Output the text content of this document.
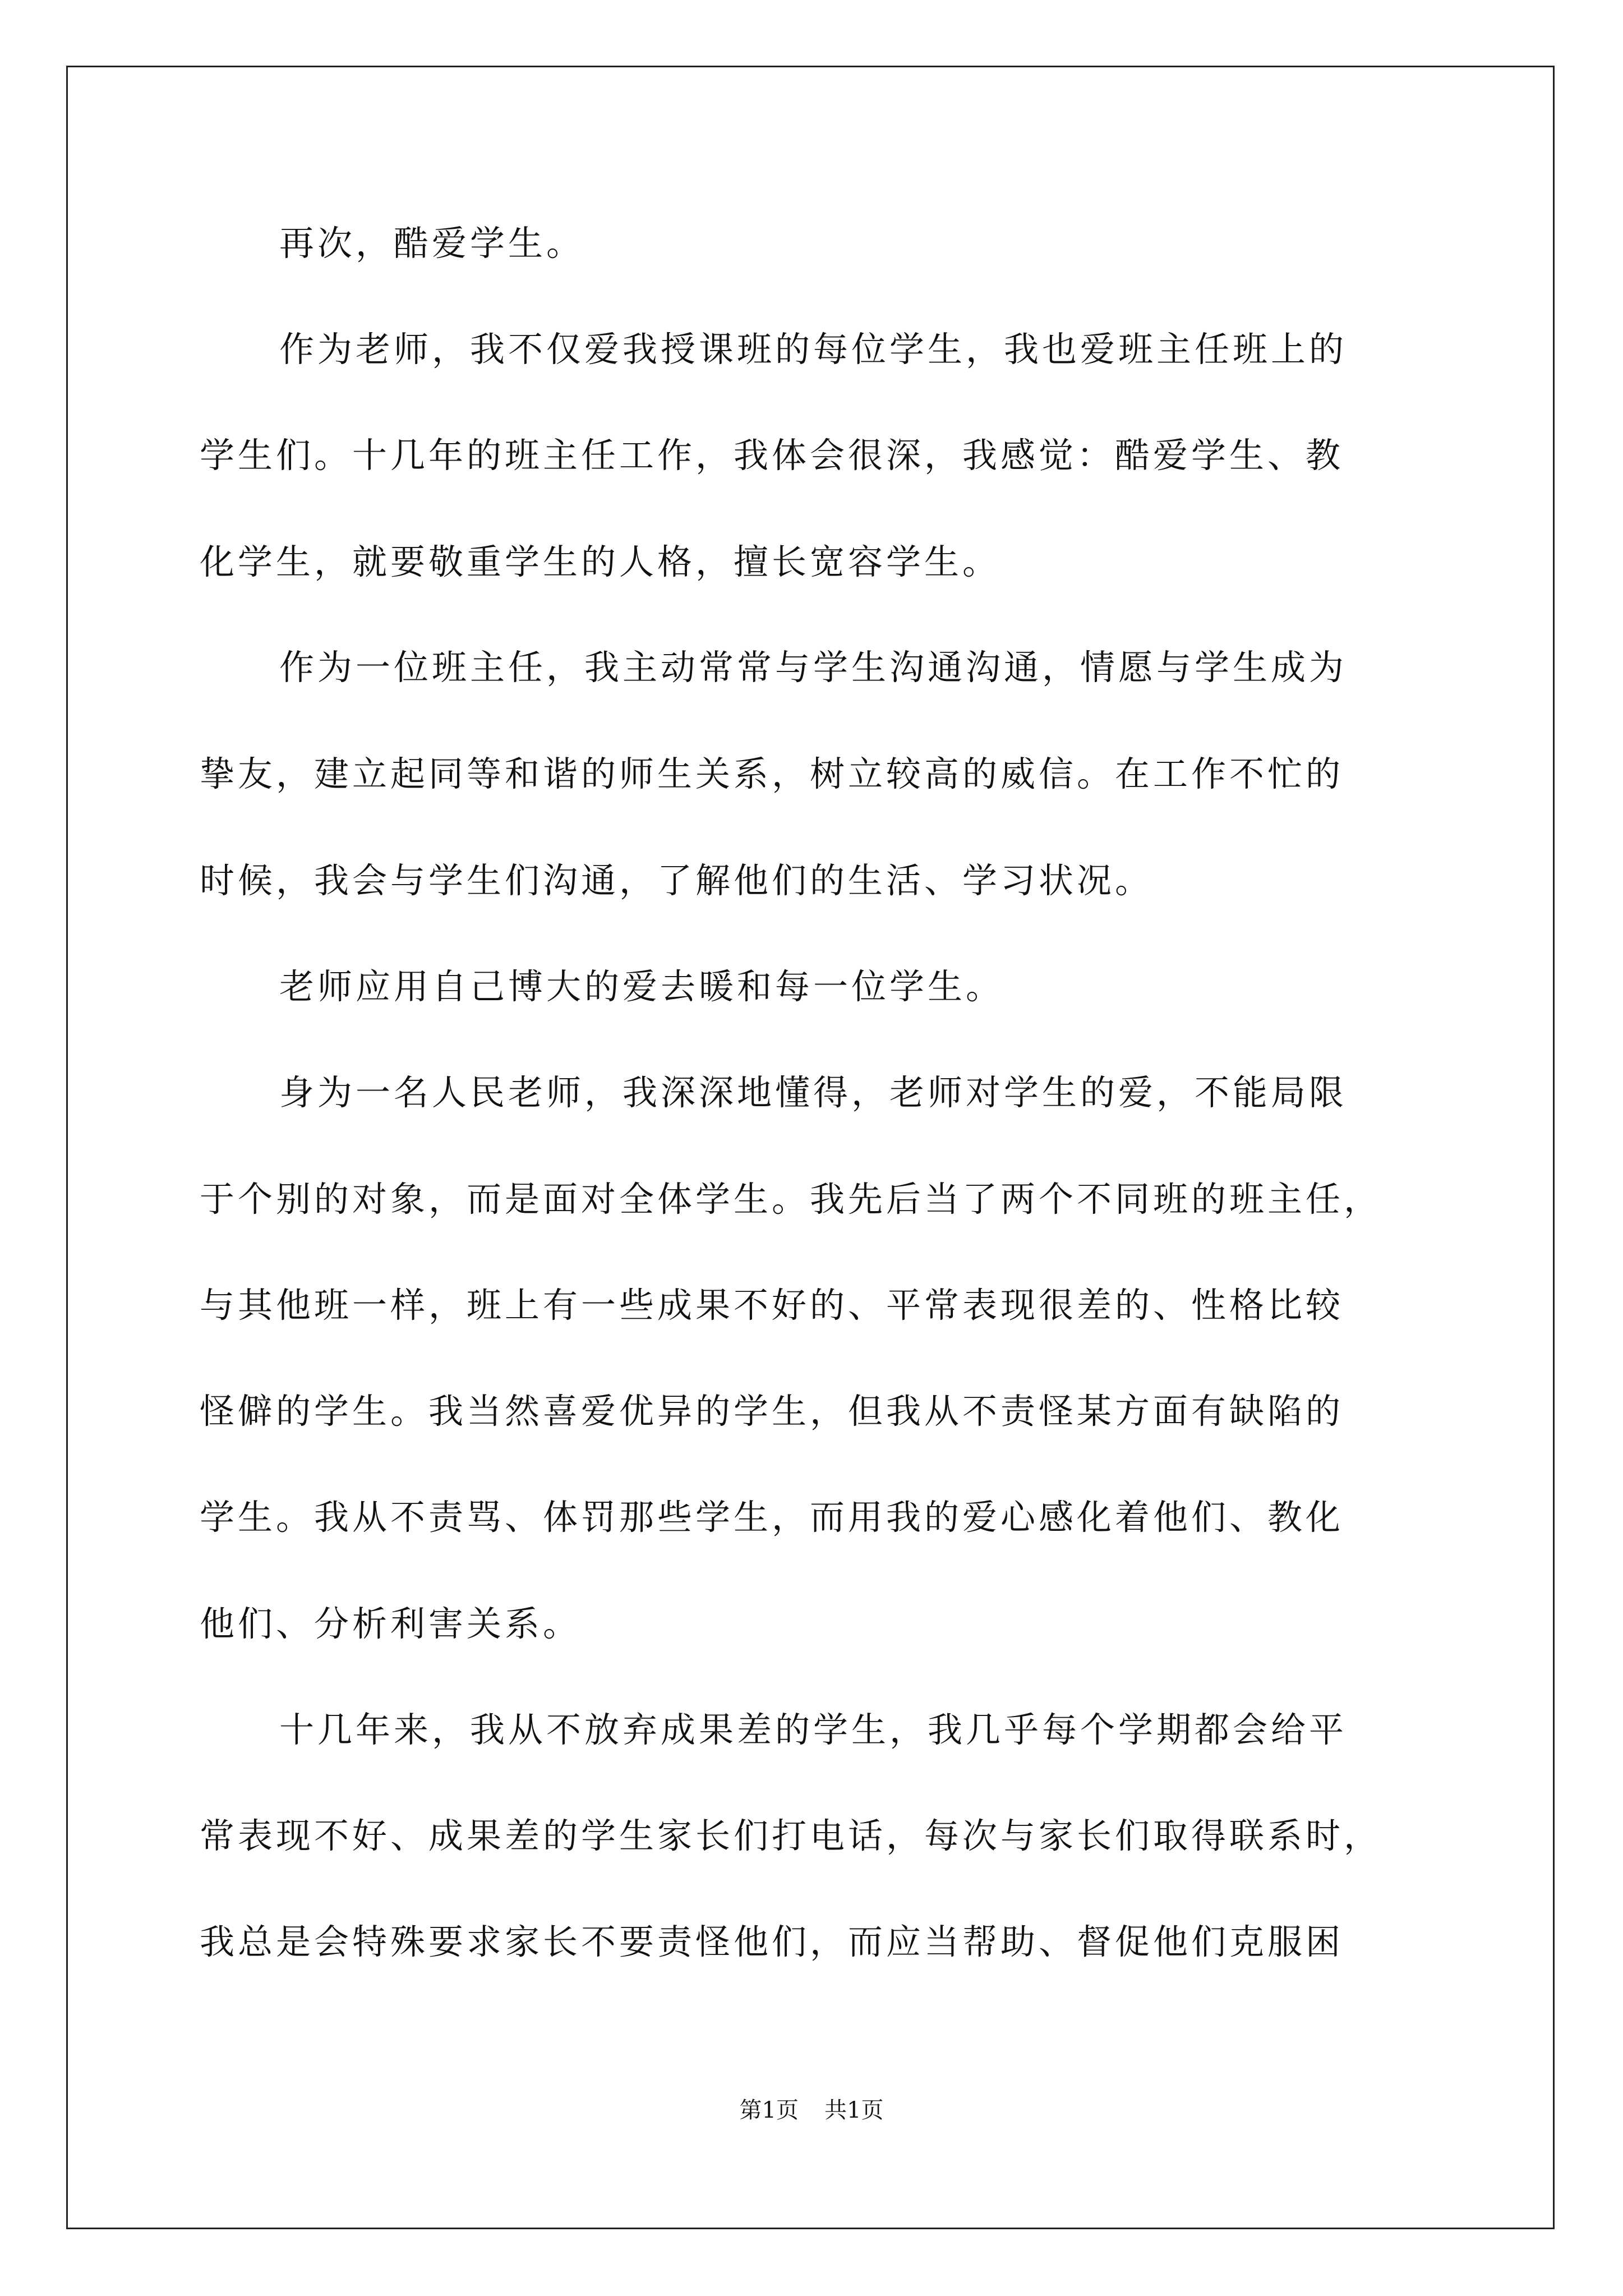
再次，酷爱学生。
作为老师，我不仅爱我授课班的每位学生，我也爱班主任班上的
学生们。十几年的班主任工作，我体会很深，我感觉：酷爱学生、教
化学生，就要敬重学生的人格，擅长宽容学生。
作为一位班主任，我主动常常与学生沟通沟通，情愿与学生成为
挚友，建立起同等和谐的师生关系，树立较高的威信。在工作不忙的
时候，我会与学生们沟通，了解他们的生活、学习状况。
老师应用自己博大的爱去暖和每一位学生。
身为一名人民老师，我深深地懂得，老师对学生的爱，不能局限
于个别的对象，而是面对全体学生。我先后当了两个不同班的班主任，
与其他班一样，班上有一些成果不好的、平常表现很差的、性格比较
怪僻的学生。我当然喜爱优异的学生，但我从不责怪某方面有缺陷的
学生。我从不责骂、体罚那些学生，而用我的爱心感化着他们、教化
他们、分析利害关系。
十几年来，我从不放弃成果差的学生，我几乎每个学期都会给平
常表现不好、成果差的学生家长们打电话，每次与家长们取得联系时，
我总是会特殊要求家长不要责怪他们，而应当帮助、督促他们克服困
第1页 共1页
